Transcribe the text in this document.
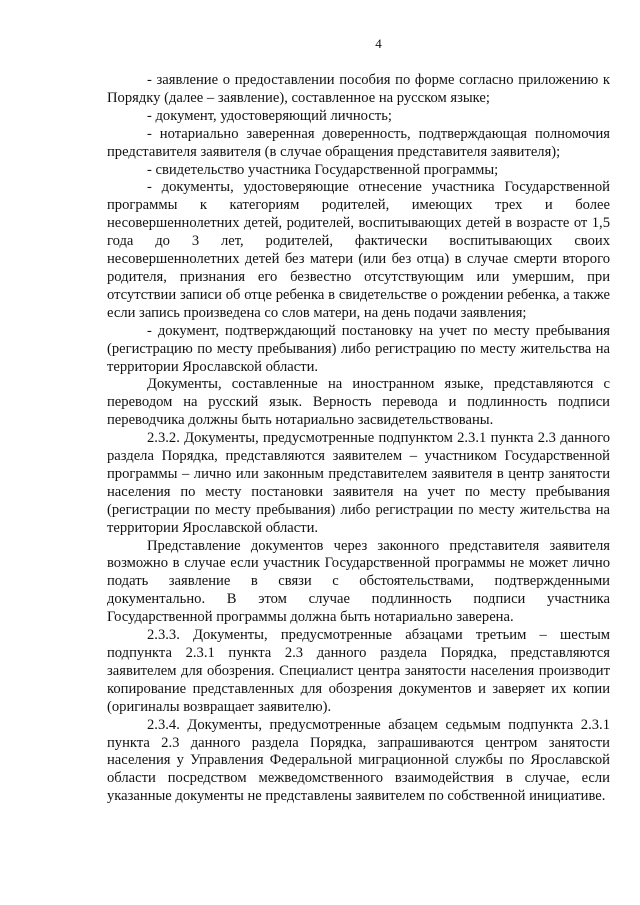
4

- заявление о предоставлении пособия по форме согласно приложению к Порядку (далее – заявление), составленное на русском языке;

- документ, удостоверяющий личность;

- нотариально заверенная доверенность, подтверждающая полномочия представителя заявителя (в случае обращения представителя заявителя);

- свидетельство участника Государственной программы;

- документы, удостоверяющие отнесение участника Государственной программы к категориям родителей, имеющих трех и более несовершеннолетних детей, родителей, воспитывающих детей в возрасте от 1,5 года до 3 лет, родителей, фактически воспитывающих своих несовершеннолетних детей без матери (или без отца) в случае смерти второго родителя, признания его безвестно отсутствующим или умершим, при отсутствии записи об отце ребенка в свидетельстве о рождении ребенка, а также если запись произведена со слов матери, на день подачи заявления;

- документ, подтверждающий постановку на учет по месту пребывания (регистрацию по месту пребывания) либо регистрацию по месту жительства на территории Ярославской области.

Документы, составленные на иностранном языке, представляются с переводом на русский язык. Верность перевода и подлинность подписи переводчика должны быть нотариально засвидетельствованы.

2.3.2. Документы, предусмотренные подпунктом 2.3.1 пункта 2.3 данного раздела Порядка, представляются заявителем – участником Государственной программы – лично или законным представителем заявителя в центр занятости населения по месту постановки заявителя на учет по месту пребывания (регистрации по месту пребывания) либо регистрации по месту жительства на территории Ярославской области.

Представление документов через законного представителя заявителя возможно в случае если участник Государственной программы не может лично подать заявление в связи с обстоятельствами, подтвержденными документально. В этом случае подлинность подписи участника Государственной программы должна быть нотариально заверена.

2.3.3. Документы, предусмотренные абзацами третьим – шестым подпункта 2.3.1 пункта 2.3 данного раздела Порядка, представляются заявителем для обозрения. Специалист центра занятости населения производит копирование представленных для обозрения документов и заверяет их копии (оригиналы возвращает заявителю).

2.3.4. Документы, предусмотренные абзацем седьмым подпункта 2.3.1 пункта 2.3 данного раздела Порядка, запрашиваются центром занятости населения у Управления Федеральной миграционной службы по Ярославской области посредством межведомственного взаимодействия в случае, если указанные документы не представлены заявителем по собственной инициативе.
